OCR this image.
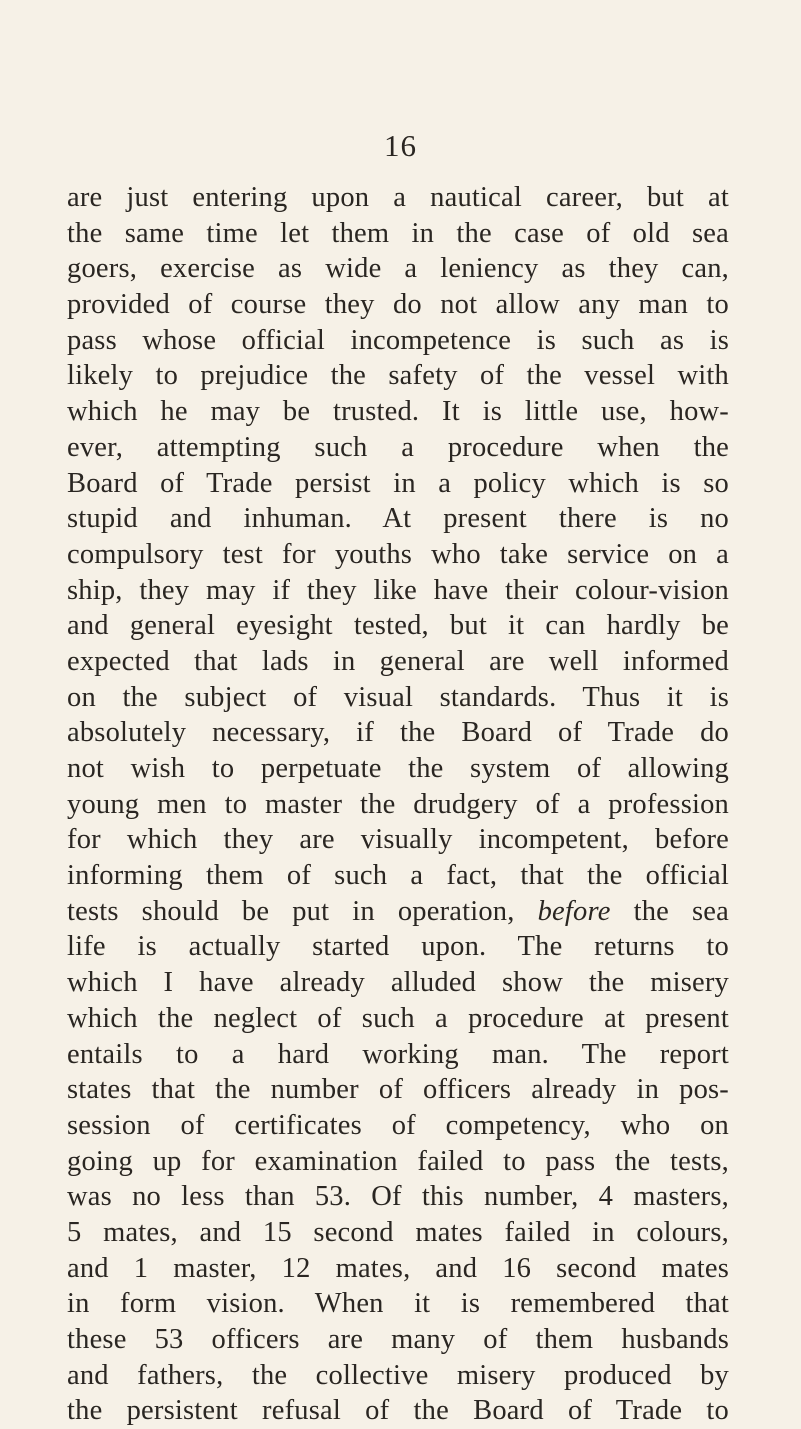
16
are just entering upon a nautical career, but at
the same time let them in the case of old sea
goers, exercise as wide a leniency as they can,
provided of course they do not allow any man to
pass whose official incompetence is such as is
likely to prejudice the safety of the vessel with
which he may be trusted. It is little use, how-
ever, attempting such a procedure when the
Board of Trade persist in a policy which is so
stupid and inhuman. At present there is no
compulsory test for youths who take service on a
ship, they may if they like have their colour-vision
and general eyesight tested, but it can hardly be
expected that lads in general are well informed
on the subject of visual standards. Thus it is
absolutely necessary, if the Board of Trade do
not wish to perpetuate the system of allowing
young men to master the drudgery of a profession
for which they are visually incompetent, before
informing them of such a fact, that the official
tests should be put in operation, before the sea
life is actually started upon. The returns to
which I have already alluded show the misery
which the neglect of such a procedure at present
entails to a hard working man. The report
states that the number of officers already in pos-
session of certificates of competency, who on
going up for examination failed to pass the tests,
was no less than 53. Of this number, 4 masters,
5 mates, and 15 second mates failed in colours,
and 1 master, 12 mates, and 16 second mates
in form vision. When it is remembered that
these 53 officers are many of them husbands
and fathers, the collective misery produced by
the persistent refusal of the Board of Trade to
